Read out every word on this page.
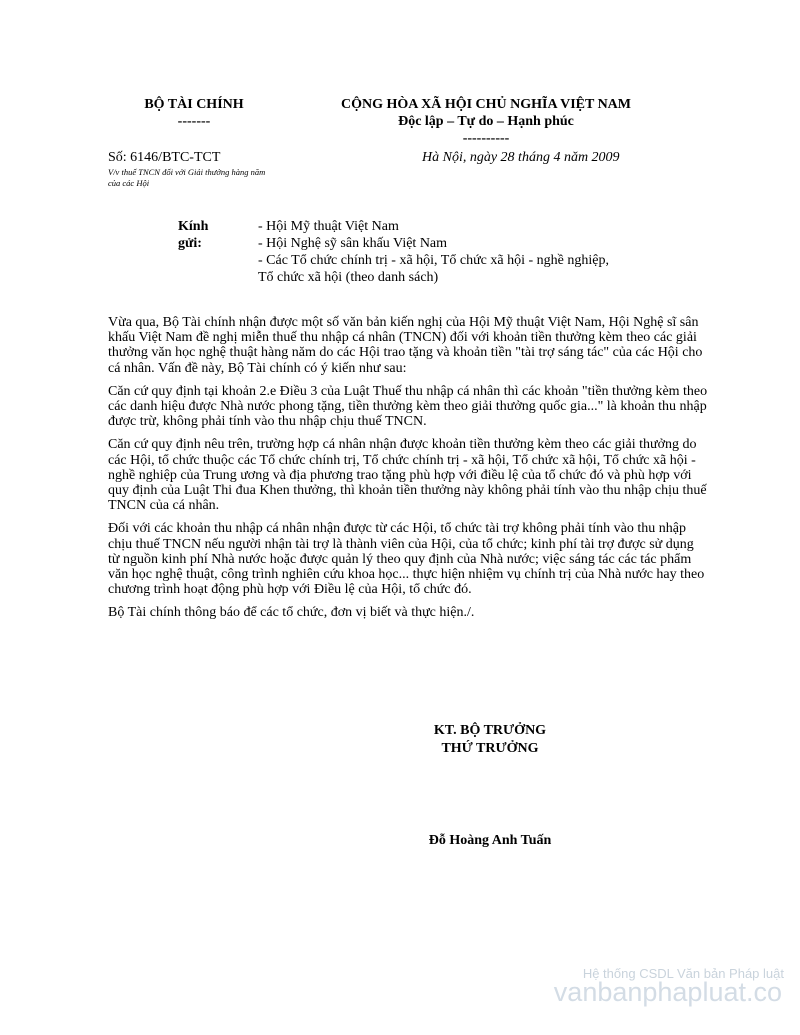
BỘ TÀI CHÍNH
-------
CỘNG HÒA XÃ HỘI CHỦ NGHĨA VIỆT NAM
Độc lập – Tự do – Hạnh phúc
----------
Số: 6146/BTC-TCT
V/v thuế TNCN đối với Giải thưởng hàng năm
của các Hội
Hà Nội, ngày 28 tháng 4 năm 2009
Kính gửi:
- Hội Mỹ thuật Việt Nam
- Hội Nghệ sỹ sân khấu Việt Nam
- Các Tổ chức chính trị - xã hội, Tổ chức xã hội - nghề nghiệp, Tổ chức xã hội (theo danh sách)

Vừa qua, Bộ Tài chính nhận được một số văn bản kiến nghị của Hội Mỹ thuật Việt Nam, Hội Nghệ sĩ sân khấu Việt Nam đề nghị miễn thuế thu nhập cá nhân (TNCN) đối với khoản tiền thưởng kèm theo các giải thưởng văn học nghệ thuật hàng năm do các Hội trao tặng và khoản tiền "tài trợ sáng tác" của các Hội cho cá nhân. Vấn đề này, Bộ Tài chính có ý kiến như sau:

Căn cứ quy định tại khoản 2.e Điều 3 của Luật Thuế thu nhập cá nhân thì các khoản "tiền thưởng kèm theo các danh hiệu được Nhà nước phong tặng, tiền thưởng kèm theo giải thưởng quốc gia..." là khoản thu nhập được trừ, không phải tính vào thu nhập chịu thuế TNCN.

Căn cứ quy định nêu trên, trường hợp cá nhân nhận được khoản tiền thưởng kèm theo các giải thưởng do các Hội, tổ chức thuộc các Tổ chức chính trị, Tổ chức chính trị - xã hội, Tổ chức xã hội, Tổ chức xã hội - nghề nghiệp của Trung ương và địa phương trao tặng phù hợp với điều lệ của tổ chức đó và phù hợp với quy định của Luật Thi đua Khen thưởng, thì khoản tiền thưởng này không phải tính vào thu nhập chịu thuế TNCN của cá nhân.

Đối với các khoản thu nhập cá nhân nhận được từ các Hội, tổ chức tài trợ không phải tính vào thu nhập chịu thuế TNCN nếu người nhận tài trợ là thành viên của Hội, của tổ chức; kinh phí tài trợ được sử dụng từ nguồn kinh phí Nhà nước hoặc được quản lý theo quy định của Nhà nước; việc sáng tác các tác phẩm văn học nghệ thuật, công trình nghiên cứu khoa học... thực hiện nhiệm vụ chính trị của Nhà nước hay theo chương trình hoạt động phù hợp với Điều lệ của Hội, tổ chức đó.

Bộ Tài chính thông báo để các tổ chức, đơn vị biết và thực hiện./.

KT. BỘ TRƯỞNG
THỨ TRƯỞNG
Đỗ Hoàng Anh Tuấn
Hệ thống CSDL Văn bản Pháp luật
vanbanphapluat.co
